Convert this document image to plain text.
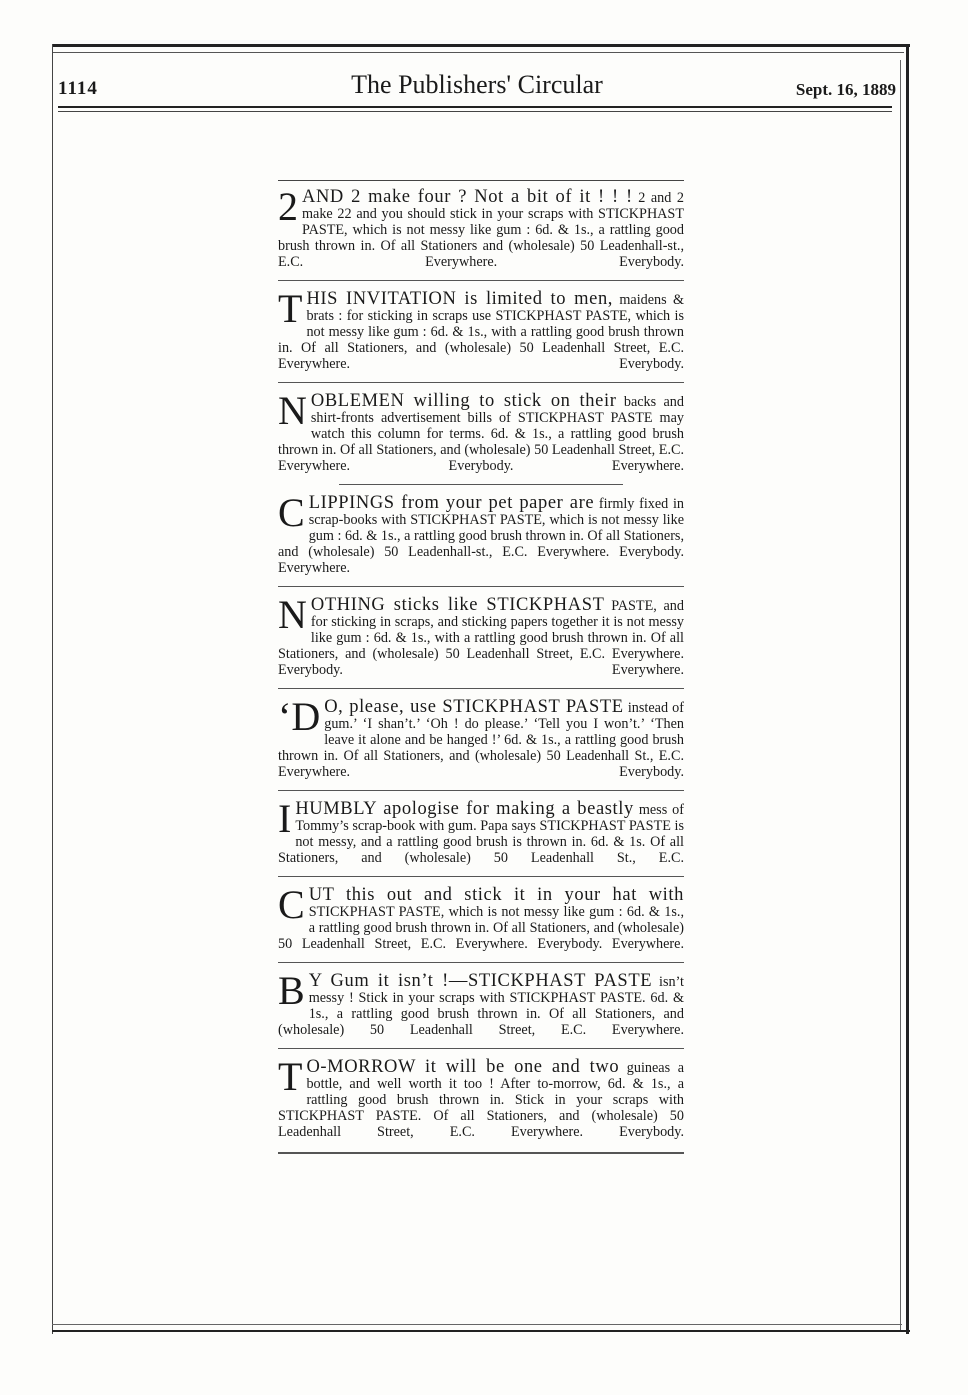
1114	The Publishers' Circular	Sept. 16, 1889
2 AND 2 make four ? Not a bit of it ! ! ! 2 and 2 make 22 and you should stick in your scraps with STICKPHAST PASTE, which is not messy like gum : 6d. & 1s., a rattling good brush thrown in. Of all Stationers and (wholesale) 50 Leadenhall-st., E.C. Everywhere. Everybody.
T HIS INVITATION is limited to men, maidens & brats : for sticking in scraps use STICKPHAST PASTE, which is not messy like gum : 6d. & 1s., with a rattling good brush thrown in. Of all Stationers, and (wholesale) 50 Leadenhall Street, E.C. Everywhere. Everybody.
N OBLEMEN willing to stick on their backs and shirt-fronts advertisement bills of STICKPHAST PASTE may watch this column for terms. 6d. & 1s., a rattling good brush thrown in. Of all Stationers, and (wholesale) 50 Leadenhall Street, E.C. Everywhere. Everybody. Everywhere.
C LIPPINGS from your pet paper are firmly fixed in scrap-books with STICKPHAST PASTE, which is not messy like gum : 6d. & 1s., a rattling good brush thrown in. Of all Stationers, and (wholesale) 50 Leadenhall-st., E.C. Everywhere. Everybody. Everywhere.
N OTHING sticks like STICKPHAST PASTE, and for sticking in scraps, and sticking papers together it is not messy like gum : 6d. & 1s., with a rattling good brush thrown in. Of all Stationers, and (wholesale) 50 Leadenhall Street, E.C. Everywhere. Everybody. Everywhere.
‘D O, please, use STICKPHAST PASTE instead of gum.’ ‘I shan’t.’ ‘Oh ! do please.’ ‘Tell you I won’t.’ ‘Then leave it alone and be hanged !’ 6d. & 1s., a rattling good brush thrown in. Of all Stationers, and (wholesale) 50 Leadenhall St., E.C. Everywhere. Everybody.
I HUMBLY apologise for making a beastly mess of Tommy’s scrap-book with gum. Papa says STICKPHAST PASTE is not messy, and a rattling good brush is thrown in. 6d. & 1s. Of all Stationers, and (wholesale) 50 Leadenhall St., E.C.
C UT this out and stick it in your hat with STICKPHAST PASTE, which is not messy like gum : 6d. & 1s., a rattling good brush thrown in. Of all Stationers, and (wholesale) 50 Leadenhall Street, E.C. Everywhere. Everybody. Everywhere.
B Y Gum it isn’t !—STICKPHAST PASTE isn’t messy ! Stick in your scraps with STICKPHAST PASTE. 6d. & 1s., a rattling good brush thrown in. Of all Stationers, and (wholesale) 50 Leadenhall Street, E.C. Everywhere.
T O-MORROW it will be one and two guineas a bottle, and well worth it too ! After to-morrow, 6d. & 1s., a rattling good brush thrown in. Stick in your scraps with STICKPHAST PASTE. Of all Stationers, and (wholesale) 50 Leadenhall Street, E.C. Everywhere. Everybody.
